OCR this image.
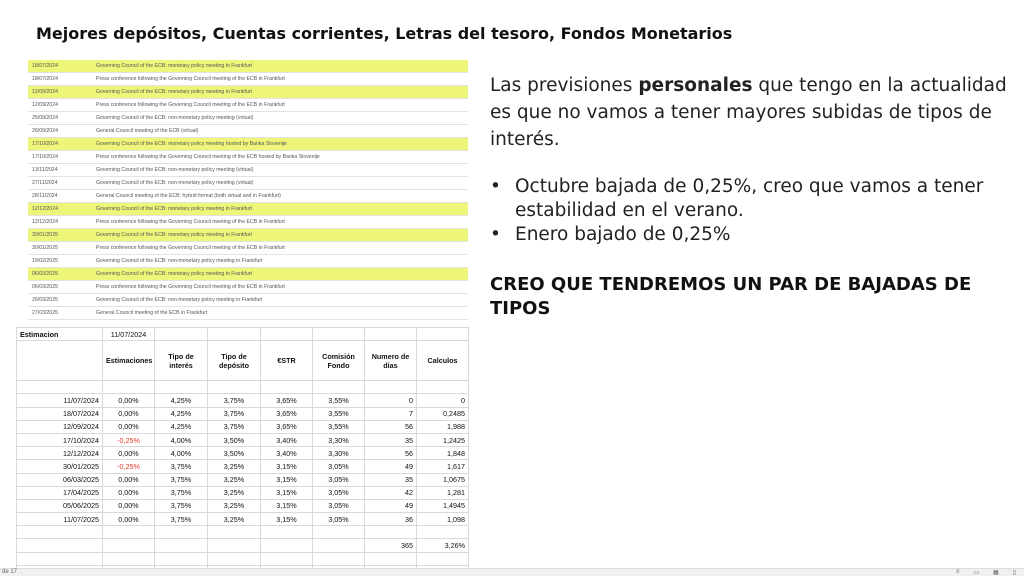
Mejores depósitos, Cuentas corrientes, Letras del tesoro, Fondos Monetarios
18/07/2024	Governing Council of the ECB: monetary policy meeting in Frankfurt
18/07/2024	Press conference following the Governing Council meeting of the ECB in Frankfurt
12/09/2024	Governing Council of the ECB: monetary policy meeting in Frankfurt
12/09/2024	Press conference following the Governing Council meeting of the ECB in Frankfurt
25/09/2024	Governing Council of the ECB: non-monetary policy meeting (virtual)
26/09/2024	General Council meeting of the ECB (virtual)
17/10/2024	Governing Council of the ECB: monetary policy meeting hosted by Banka Slovenije
17/10/2024	Press conference following the Governing Council meeting of the ECB hosted by Banka Slovenije
13/11/2024	Governing Council of the ECB: non-monetary policy meeting (virtual)
27/11/2024	Governing Council of the ECB: non-monetary policy meeting (virtual)
28/11/2024	General Council meeting of the ECB: hybrid format (both virtual and in Frankfurt)
12/12/2024	Governing Council of the ECB: monetary policy meeting in Frankfurt
12/12/2024	Press conference following the Governing Council meeting of the ECB in Frankfurt
30/01/2025	Governing Council of the ECB: monetary policy meeting in Frankfurt
30/01/2025	Press conference following the Governing Council meeting of the ECB in Frankfurt
19/02/2025	Governing Council of the ECB: non-monetary policy meeting in Frankfurt
06/03/2025	Governing Council of the ECB: monetary policy meeting in Frankfurt
06/03/2025	Press conference following the Governing Council meeting of the ECB in Frankfurt
26/03/2025	Governing Council of the ECB: non-monetary policy meeting in Frankfurt
27/03/2025	General Council meeting of the ECB in Frankfurt
Estimacion	11/07/2024						
	Estimaciones	Tipo de interés	Tipo de depósito	€STR	Comisión Fondo	Numero de días	Calculos

11/07/2024	0,00%	4,25%	3,75%	3,65%	3,55%	0	0
18/07/2024	0,00%	4,25%	3,75%	3,65%	3,55%	7	0,2485
12/09/2024	0,00%	4,25%	3,75%	3,65%	3,55%	56	1,988
17/10/2024	-0,25%	4,00%	3,50%	3,40%	3,30%	35	1,2425
12/12/2024	0,00%	4,00%	3,50%	3,40%	3,30%	56	1,848
30/01/2025	-0,25%	3,75%	3,25%	3,15%	3,05%	49	1,617
06/03/2025	0,00%	3,75%	3,25%	3,15%	3,05%	35	1,0675
17/04/2025	0,00%	3,75%	3,25%	3,15%	3,05%	42	1,281
05/06/2025	0,00%	3,75%	3,25%	3,15%	3,05%	49	1,4945
11/07/2025	0,00%	3,75%	3,25%	3,15%	3,05%	36	1,098

						365	3,26%

Las previsiones personales que tengo en la actualidad es que no vamos a tener mayores subidas de tipos de interés.

• Octubre bajada de 0,25%, creo que vamos a tener estabilidad en el verano.
• Enero bajado de 0,25%

CREO QUE TENDREMOS UN PAR DE BAJADAS DE TIPOS

de 17	≡ ▭ ▦ ▯
